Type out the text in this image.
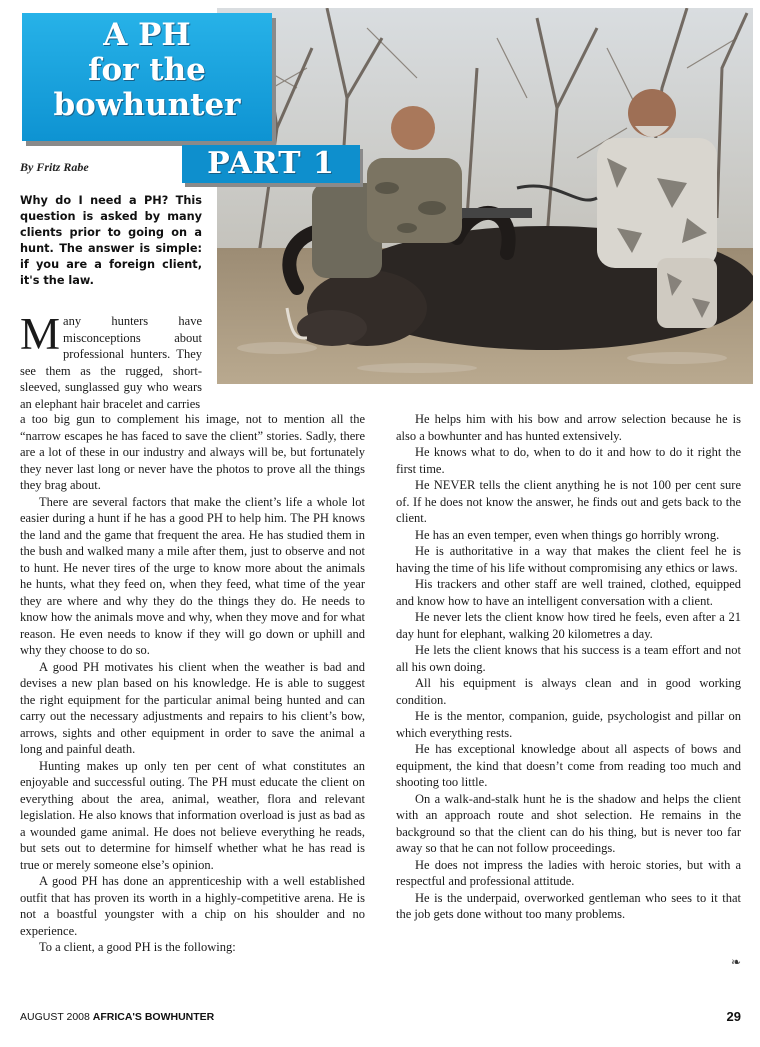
A PH
for the
bowhunter
PART 1
By Fritz Rabe
Why do I need a PH? This question is asked by many clients prior to going on a hunt. The answer is simple: if you are a foreign client, it's the law.

Many hunters have misconceptions about professional hunters. They see them as the rugged, short-sleeved, sunglassed guy who wears an elephant hair bracelet and carries

a too big gun to complement his image, not to mention all the “narrow escapes he has faced to save the client” stories. Sadly, there are a lot of these in our industry and always will be, but fortunately they never last long or never have the photos to prove all the things they brag about.

There are several factors that make the client’s life a whole lot easier during a hunt if he has a good PH to help him. The PH knows the land and the game that frequent the area. He has studied them in the bush and walked many a mile after them, just to observe and not to hunt. He never tires of the urge to know more about the animals he hunts, what they feed on, when they feed, what time of the year they are where and why they do the things they do. He needs to know how the animals move and why, when they move and for what reason. He even needs to know if they will go down or uphill and why they choose to do so.

A good PH motivates his client when the weather is bad and devises a new plan based on his knowledge. He is able to suggest the right equipment for the particular animal being hunted and can carry out the necessary adjustments and repairs to his client’s bow, arrows, sights and other equipment in order to save the animal a long and painful death.

Hunting makes up only ten per cent of what constitutes an enjoyable and successful outing. The PH must educate the client on everything about the area, animal, weather, flora and relevant legislation. He also knows that information overload is just as bad as a wounded game animal. He does not believe everything he reads, but sets out to determine for himself whether what he has read is true or merely someone else’s opinion.

A good PH has done an apprenticeship with a well established outfit that has proven its worth in a highly-competitive arena. He is not a boastful youngster with a chip on his shoulder and no experience.

To a client, a good PH is the following:

He helps him with his bow and arrow selection because he is also a bowhunter and has hunted extensively.

He knows what to do, when to do it and how to do it right the first time.

He NEVER tells the client anything he is not 100 per cent sure of. If he does not know the answer, he finds out and gets back to the client.

He has an even temper, even when things go horribly wrong.

He is authoritative in a way that makes the client feel he is having the time of his life without compromising any ethics or laws.

His trackers and other staff are well trained, clothed, equipped and know how to have an intelligent conversation with a client.

He never lets the client know how tired he feels, even after a 21 day hunt for elephant, walking 20 kilometres a day.

He lets the client knows that his success is a team effort and not all his own doing.

All his equipment is always clean and in good working condition.

He is the mentor, companion, guide, psychologist and pillar on which everything rests.

He has exceptional knowledge about all aspects of bows and equipment, the kind that doesn’t come from reading too much and shooting too little.

On a walk-and-stalk hunt he is the shadow and helps the client with an approach route and shot selection. He remains in the background so that the client can do his thing, but is never too far away so that he can not follow proceedings.

He does not impress the ladies with heroic stories, but with a respectful and professional attitude.

He is the underpaid, overworked gentleman who sees to it that the job gets done without too many problems.

❧
AUGUST 2008 AFRICA'S BOWHUNTER	29
